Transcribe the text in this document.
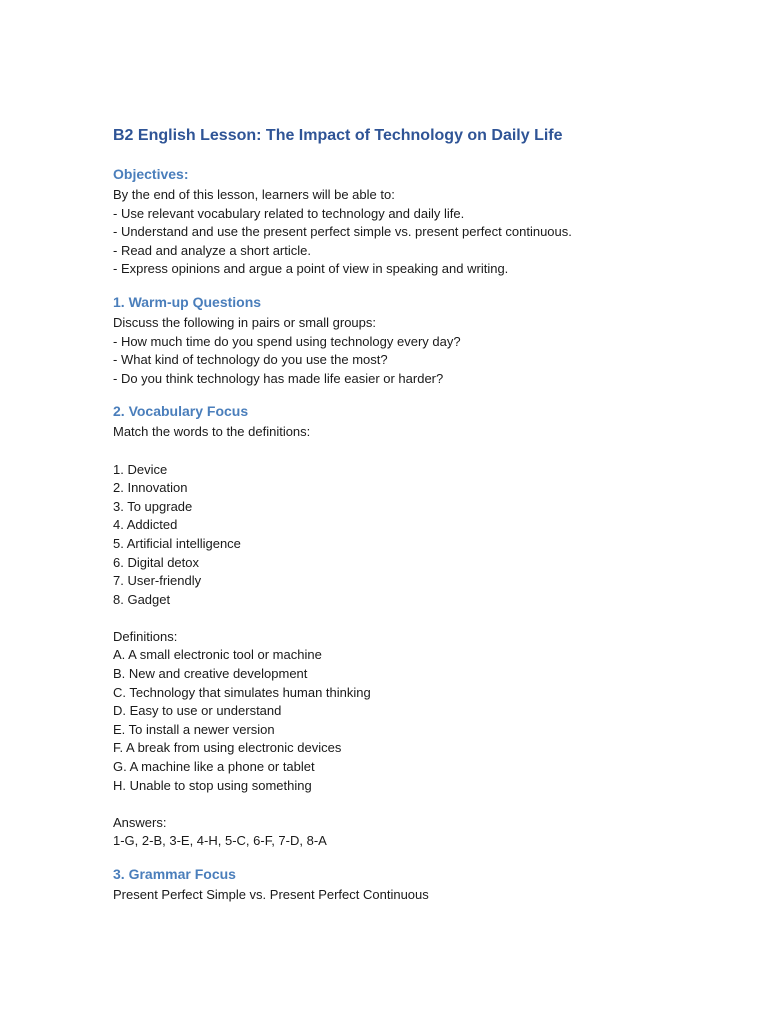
B2 English Lesson: The Impact of Technology on Daily Life
Objectives:
By the end of this lesson, learners will be able to:
- Use relevant vocabulary related to technology and daily life.
- Understand and use the present perfect simple vs. present perfect continuous.
- Read and analyze a short article.
- Express opinions and argue a point of view in speaking and writing.
1. Warm-up Questions
Discuss the following in pairs or small groups:
- How much time do you spend using technology every day?
- What kind of technology do you use the most?
- Do you think technology has made life easier or harder?
2. Vocabulary Focus
Match the words to the definitions:
1. Device
2. Innovation
3. To upgrade
4. Addicted
5. Artificial intelligence
6. Digital detox
7. User-friendly
8. Gadget
Definitions:
A. A small electronic tool or machine
B. New and creative development
C. Technology that simulates human thinking
D. Easy to use or understand
E. To install a newer version
F. A break from using electronic devices
G. A machine like a phone or tablet
H. Unable to stop using something
Answers:
1-G, 2-B, 3-E, 4-H, 5-C, 6-F, 7-D, 8-A
3. Grammar Focus
Present Perfect Simple vs. Present Perfect Continuous
